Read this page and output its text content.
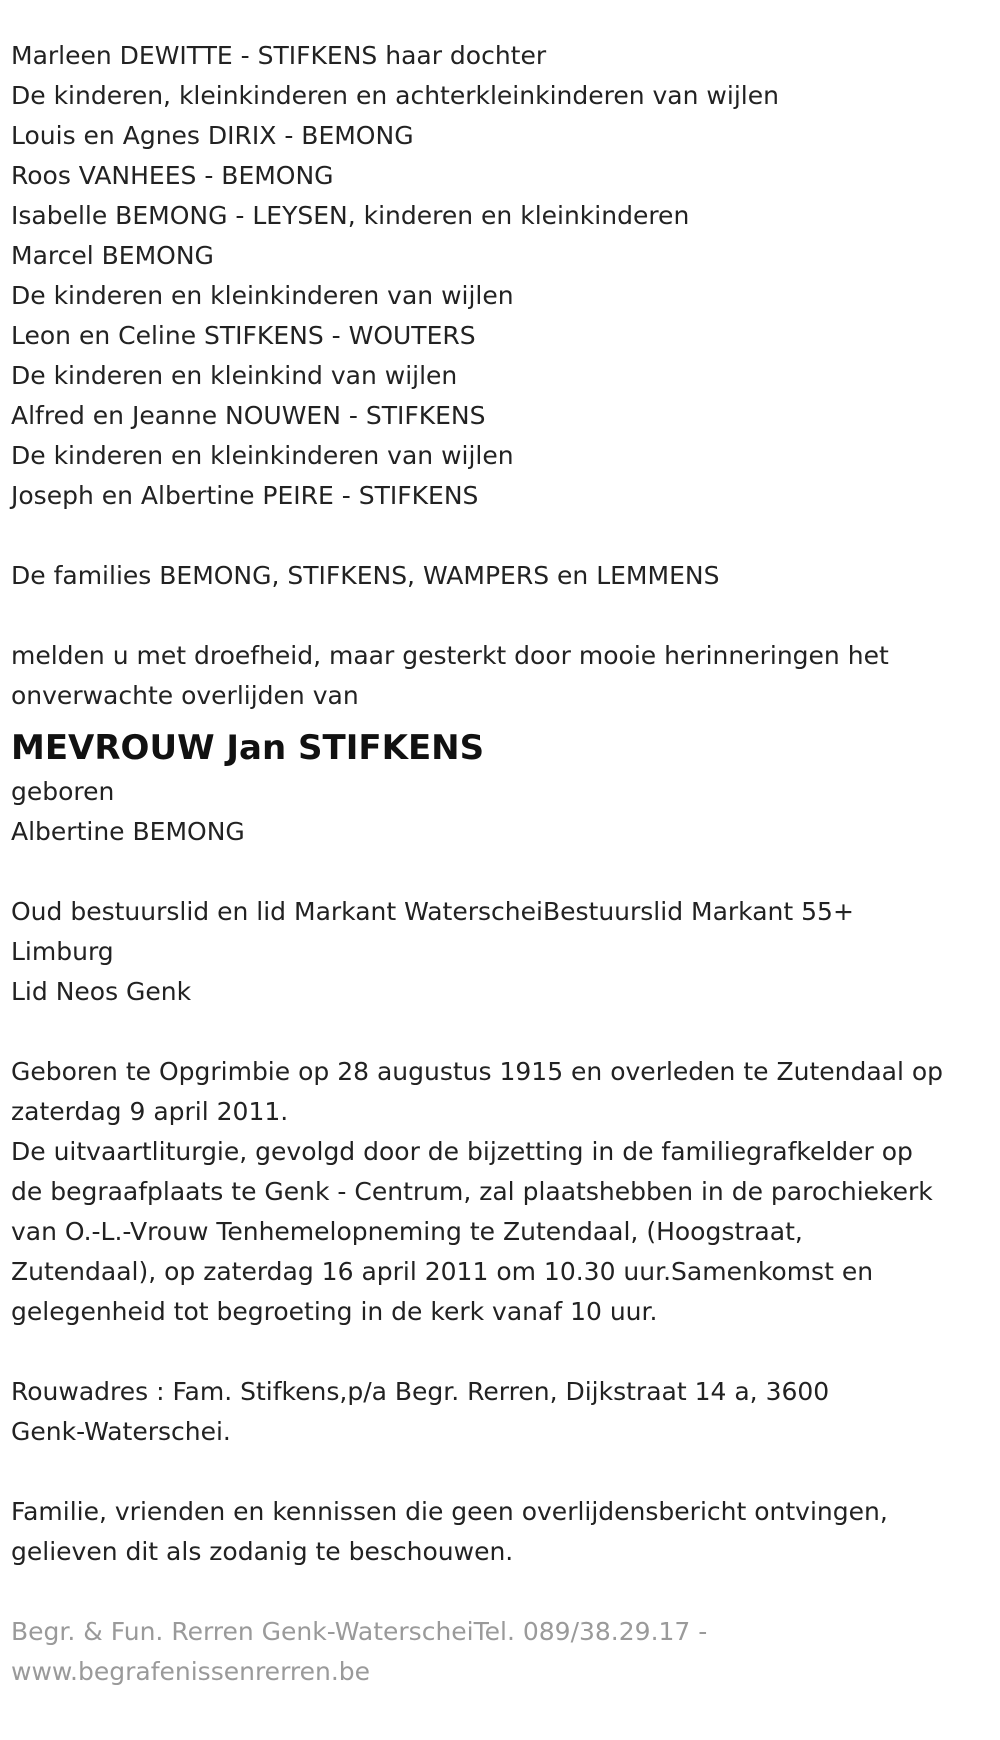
Marleen DEWITTE - STIFKENS haar dochter

De kinderen, kleinkinderen en achterkleinkinderen van wijlen

Louis en Agnes DIRIX - BEMONG

Roos VANHEES - BEMONG

Isabelle BEMONG - LEYSEN, kinderen en kleinkinderen

Marcel BEMONG

De kinderen en kleinkinderen van wijlen

Leon en Celine STIFKENS - WOUTERS

De kinderen en kleinkind van wijlen

Alfred en Jeanne NOUWEN - STIFKENS

De kinderen en kleinkinderen van wijlen

Joseph en Albertine PEIRE - STIFKENS

De families BEMONG, STIFKENS, WAMPERS en LEMMENS

melden u met droefheid, maar gesterkt door mooie herinneringen het

onverwachte overlijden van

MEVROUW Jan STIFKENS

geboren

Albertine BEMONG

Oud bestuurslid en lid Markant WaterscheiBestuurslid Markant 55+

Limburg

Lid Neos Genk

Geboren te Opgrimbie op 28 augustus 1915 en overleden te Zutendaal op

zaterdag 9 april 2011.

De uitvaartliturgie, gevolgd door de bijzetting in de familiegrafkelder op

de begraafplaats te Genk - Centrum, zal plaatshebben in de parochiekerk

van O.-L.-Vrouw Tenhemelopneming te Zutendaal, (Hoogstraat,

Zutendaal), op zaterdag 16 april 2011 om 10.30 uur.Samenkomst en

gelegenheid tot begroeting in de kerk vanaf 10 uur.

Rouwadres : Fam. Stifkens,p/a Begr. Rerren, Dijkstraat 14 a, 3600

Genk-Waterschei.

Familie, vrienden en kennissen die geen overlijdensbericht ontvingen,

gelieven dit als zodanig te beschouwen.

Begr. & Fun. Rerren Genk-WaterscheiTel. 089/38.29.17 -

www.begrafenissenrerren.be
